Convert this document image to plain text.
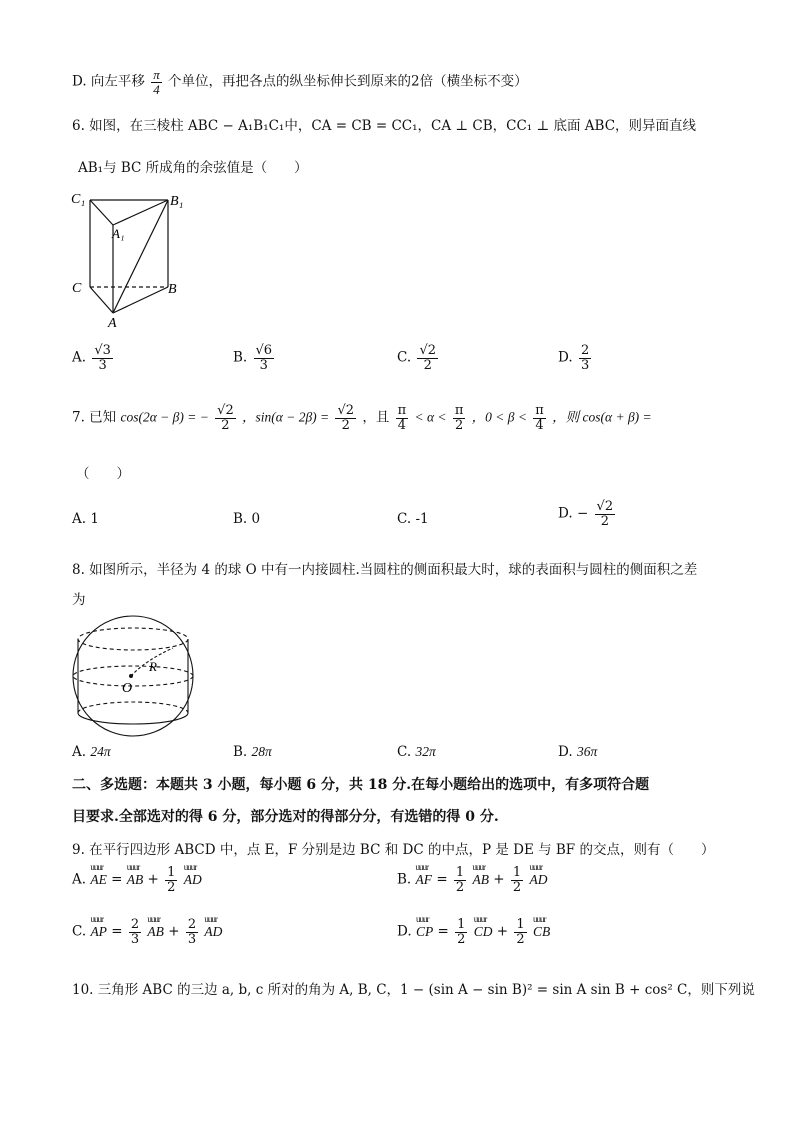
D. 向左平移 $\frac{\pi}{4}$ 个单位，再把各点的纵坐标伸长到原来的2倍（横坐标不变）
6. 如图，在三棱柱 ABC − A₁B₁C₁中，CA = CB = CC₁，CA ⊥ CB，CC₁ ⊥ 底面 ABC，则异面直线
AB₁与 BC 所成角的余弦值是（　　）
C₁	B₁
A₁
C	B
A
A. $\frac{√3}{3}$	B. $\frac{√6}{3}$	C. $\frac{√2}{2}$	D. $\frac{2}{3}$
7. 已知 cos(2α − β) = − $\frac{√2}{2}$ ，$\sin(\alpha - 2\beta) = \frac{√2}{2}$ ，且 $\frac{\pi}{4} < \alpha < \frac{\pi}{2}$ ，$0 < \beta < \frac{\pi}{4}$ ，则 cos(α + β) =
（　　）
A. 1	B. 0	C. -1	D. − $\frac{√2}{2}$
8. 如图所示，半径为 4 的球 O 中有一内接圆柱.当圆柱的侧面积最大时，球的表面积与圆柱的侧面积之差
为
R
O
A. 24π	B. 28π	C. 32π	D. 36π
二、多选题：本题共 3 小题，每小题 6 分，共 18 分.在每小题给出的选项中，有多项符合题
目要求.全部选对的得 6 分，部分选对的得部分分，有选错的得 0 分.
9. 在平行四边形 ABCD 中，点 E，F 分别是边 BC 和 DC 的中点，P 是 DE 与 BF 的交点，则有（　　）
A.
uuur
AE =
uuur
AB + $\frac{1}{2}$
uuur
AD	B.
uuur
AF = $\frac{1}{2}$
uuur
AB + $\frac{1}{2}$
uuur
AD
C.
uuur
AP = $\frac{2}{3}$
uuur
AB + $\frac{2}{3}$
uuur
AD	D.
uuur
CP = $\frac{1}{2}$
uuur
CD + $\frac{1}{2}$
uuur
CB
10. 三角形 ABC 的三边 a, b, c 所对的角为 A, B, C，1 − (sin A − sin B)² = sin A sin B + cos² C，则下列说
